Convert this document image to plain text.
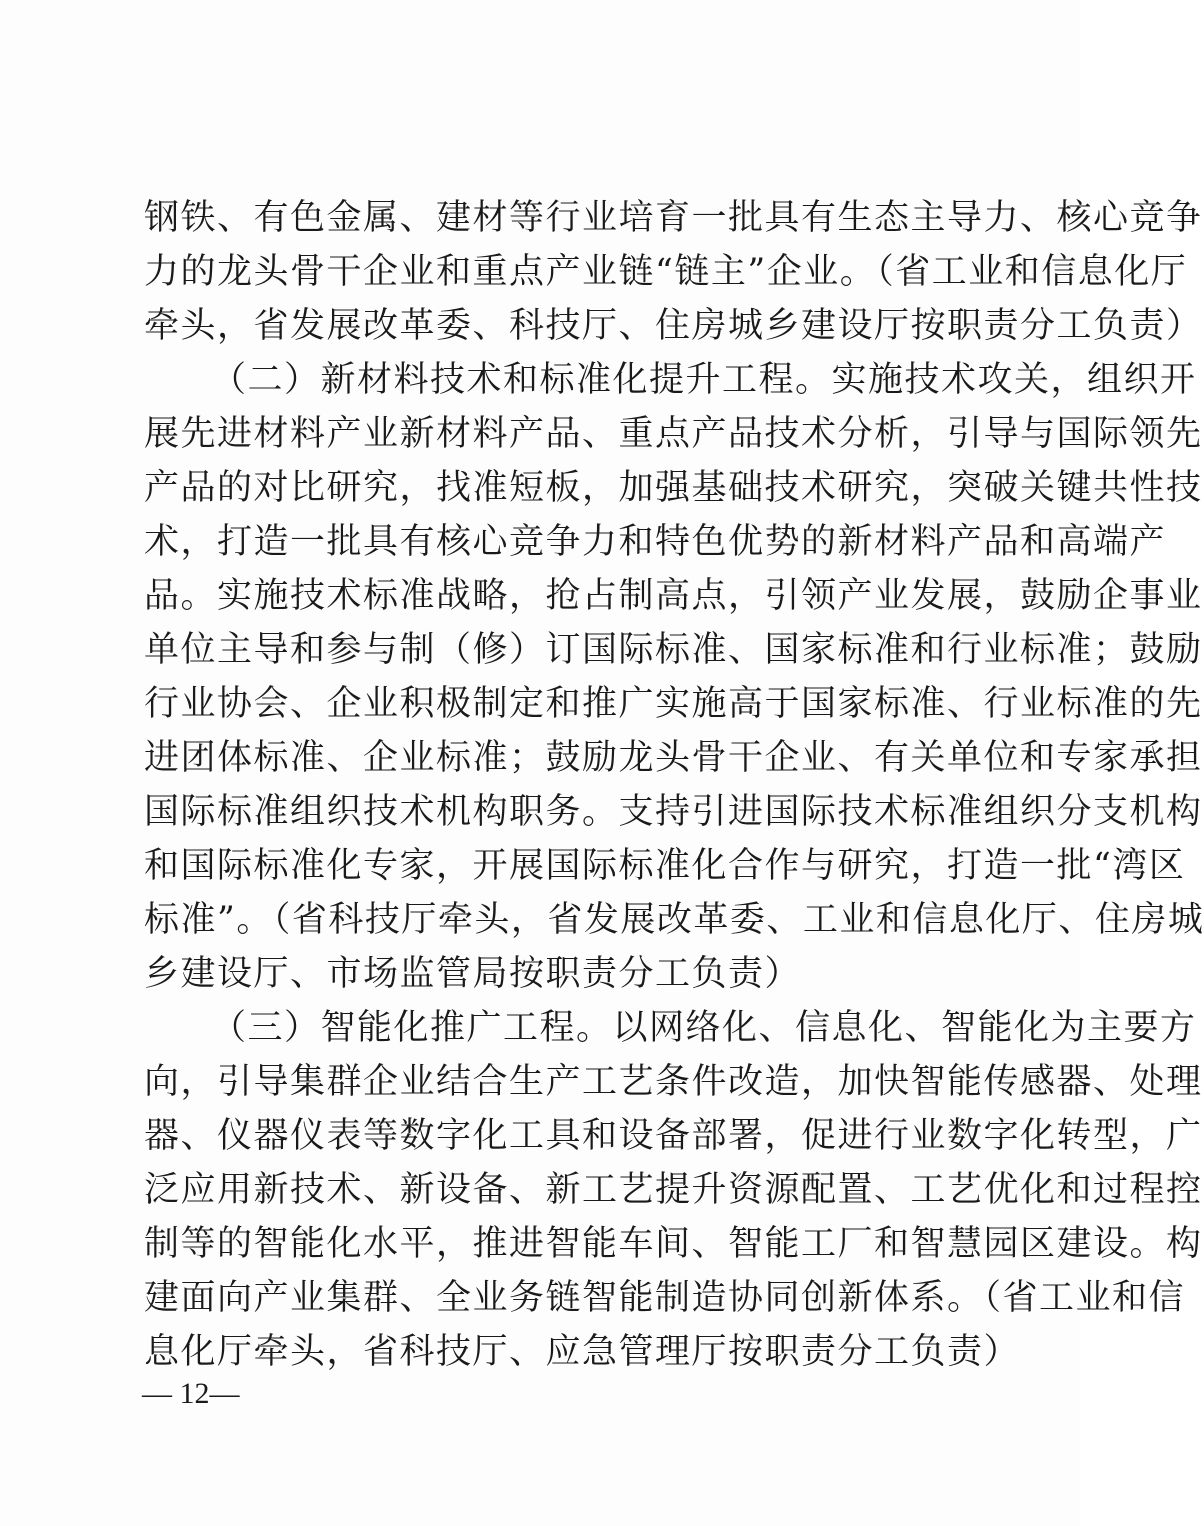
钢铁、有色金属、建材等行业培育一批具有生态主导力、核心竞争
力的龙头骨干企业和重点产业链“链主”企业。（省工业和信息化厅
牵头，省发展改革委、科技厅、住房城乡建设厅按职责分工负责）
（二）新材料技术和标准化提升工程。实施技术攻关，组织开
展先进材料产业新材料产品、重点产品技术分析，引导与国际领先
产品的对比研究，找准短板，加强基础技术研究，突破关键共性技
术，打造一批具有核心竞争力和特色优势的新材料产品和高端产
品。实施技术标准战略，抢占制高点，引领产业发展，鼓励企事业
单位主导和参与制（修）订国际标准、国家标准和行业标准；鼓励
行业协会、企业积极制定和推广实施高于国家标准、行业标准的先
进团体标准、企业标准；鼓励龙头骨干企业、有关单位和专家承担
国际标准组织技术机构职务。支持引进国际技术标准组织分支机构
和国际标准化专家，开展国际标准化合作与研究，打造一批“湾区
标准”。（省科技厅牵头，省发展改革委、工业和信息化厅、住房城
乡建设厅、市场监管局按职责分工负责）
（三）智能化推广工程。以网络化、信息化、智能化为主要方
向，引导集群企业结合生产工艺条件改造，加快智能传感器、处理
器、仪器仪表等数字化工具和设备部署，促进行业数字化转型，广
泛应用新技术、新设备、新工艺提升资源配置、工艺优化和过程控
制等的智能化水平，推进智能车间、智能工厂和智慧园区建设。构
建面向产业集群、全业务链智能制造协同创新体系。（省工业和信
息化厅牵头，省科技厅、应急管理厅按职责分工负责）
— 12—
